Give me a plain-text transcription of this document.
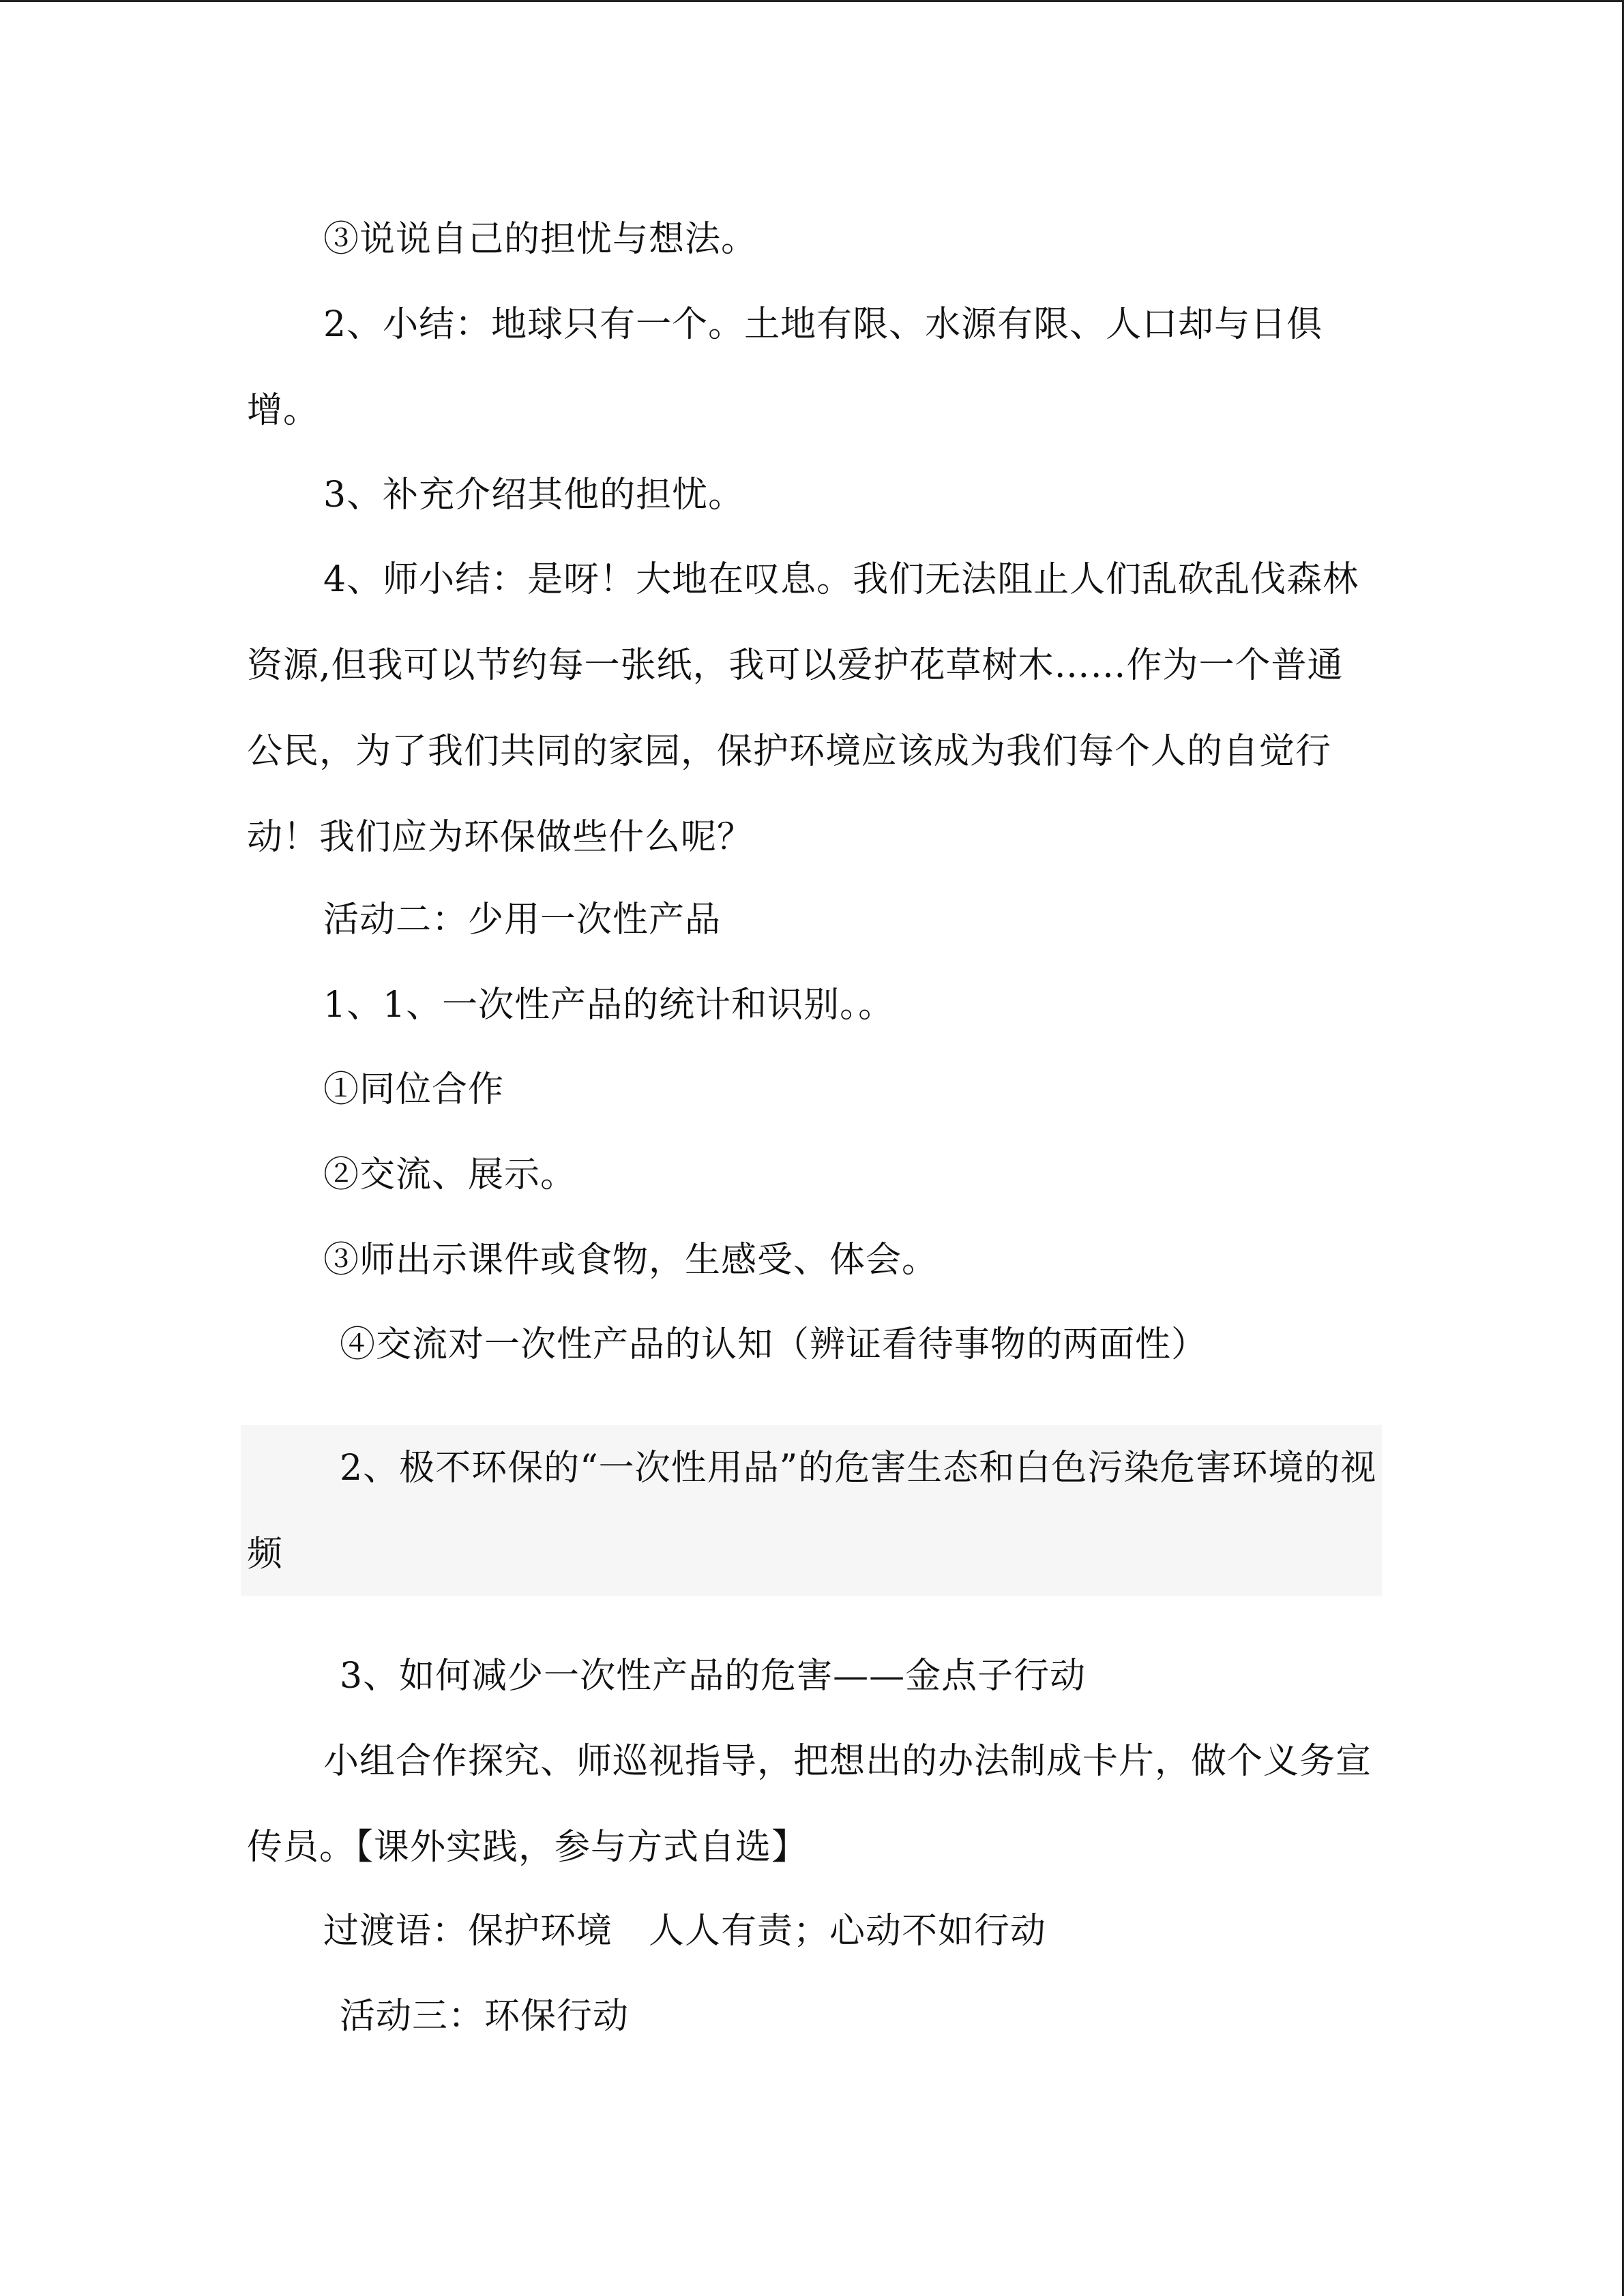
③说说自己的担忧与想法。

2、小结：地球只有一个。土地有限、水源有限、人口却与日俱增。

3、补充介绍其他的担忧。

4、师小结：是呀！大地在叹息。我们无法阻止人们乱砍乱伐森林资源,但我可以节约每一张纸，我可以爱护花草树木……作为一个普通公民，为了我们共同的家园，保护环境应该成为我们每个人的自觉行动！我们应为环保做些什么呢？

活动二：少用一次性产品

1、1、一次性产品的统计和识别。。

①同位合作

②交流、展示。

③师出示课件或食物，生感受、体会。

④交流对一次性产品的认知（辨证看待事物的两面性）

2、极不环保的“一次性用品”的危害生态和白色污染危害环境的视频

3、如何减少一次性产品的危害——金点子行动

小组合作探究、师巡视指导，把想出的办法制成卡片，做个义务宣传员。【课外实践，参与方式自选】

过渡语：保护环境　人人有责；心动不如行动

活动三：环保行动
